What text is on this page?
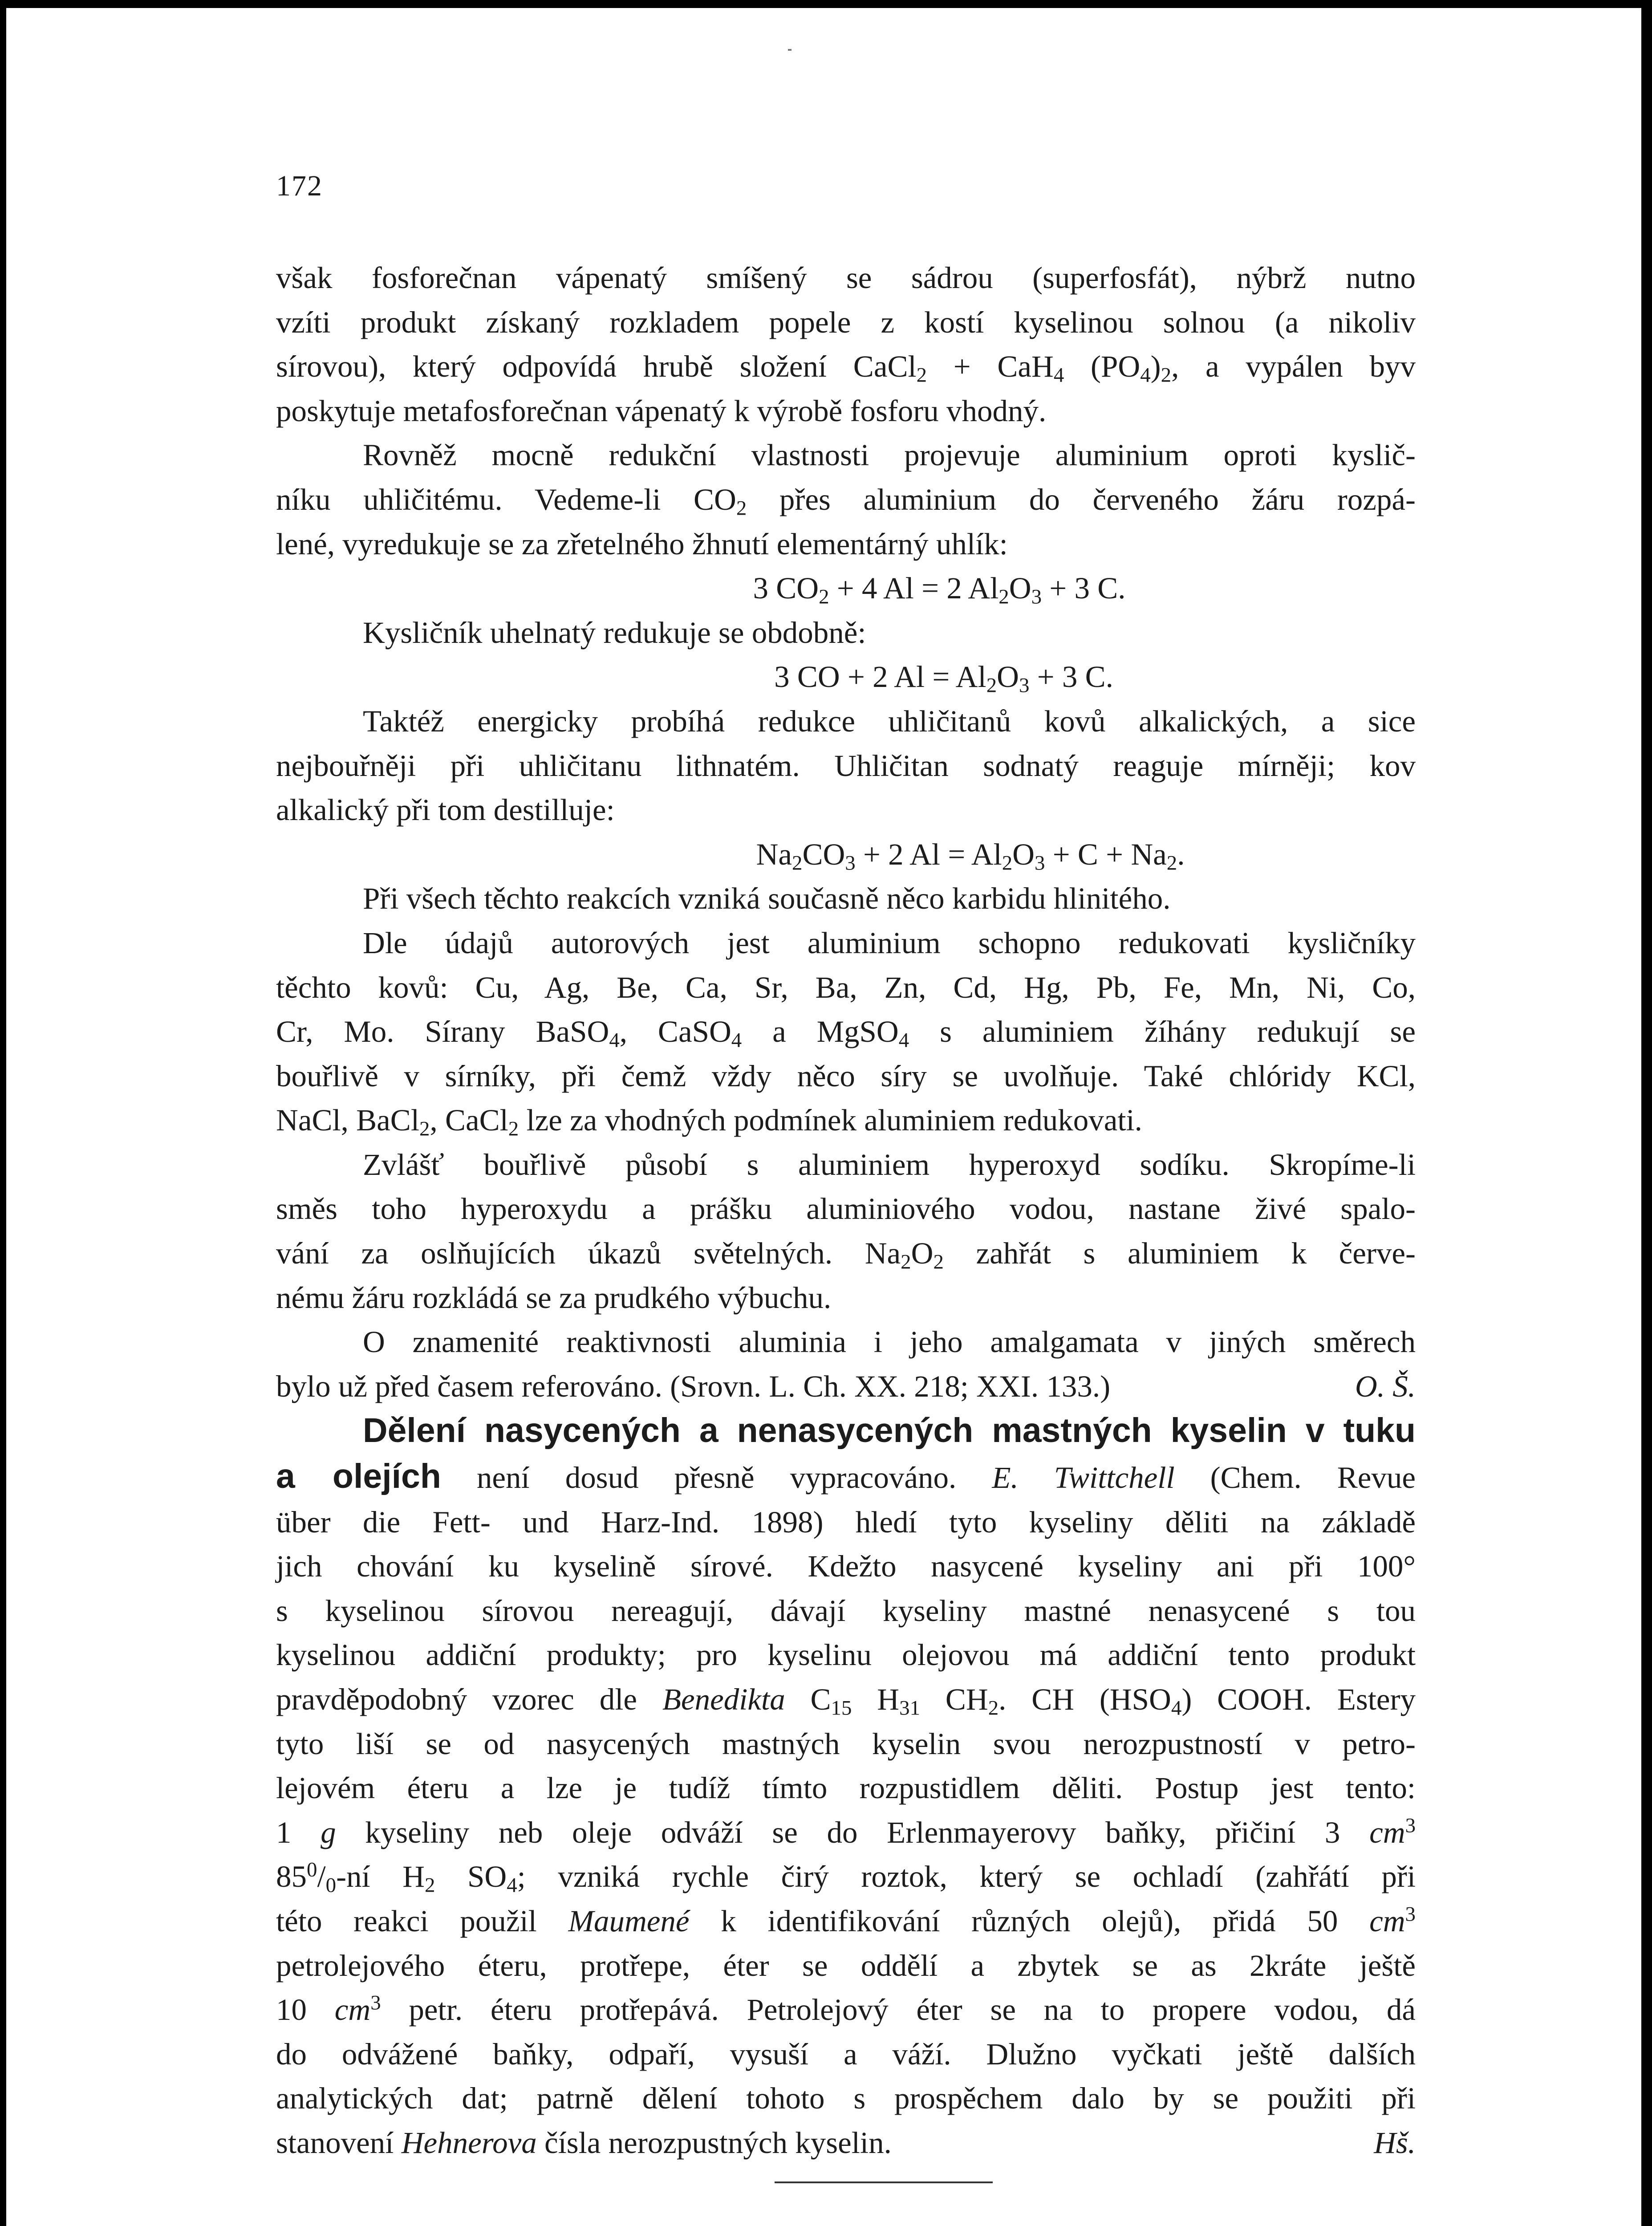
172

však fosforečnan vápenatý smíšený se sádrou (superfosfát), nýbrž nutno

vzíti produkt získaný rozkladem popele z kostí kyselinou solnou (a nikoliv

sírovou), který odpovídá hrubě složení CaCl$_2$ + CaH$_4$ $(PO_4)_2$, a vypálen byv

poskytuje metafosforečnan vápenatý k výrobě fosforu vhodný.

Rovněž mocně redukční vlastnosti projevuje aluminium oproti kyslič-

níku uhličitému. Vedeme-li $CO_2$ přes aluminium do červeného žáru rozpá-

lené, vyredukuje se za zřetelného žhnutí elementárný uhlík:

3 $CO_2 + 4$ Al = 2 $Al_2O_3 + 3$ C.

Kysličník uhelnatý redukuje se obdobně:

3 CO + 2 $Al = Al_2O_3 + 3$ C.

Taktéž energicky probíhá redukce uhličitanů kovů alkalických, a sice

nejbouřněji při uhličitanu lithnatém. Uhličitan sodnatý reaguje mírněji; kov

alkalický při tom destilluje:

$Na_2CO_3 + 2$ $Al = Al_2O_3 + C + Na_2$.

Při všech těchto reakcích vzniká současně něco karbidu hlinitého.

Dle údajů autorových jest aluminium schopno redukovati kysličníky

těchto kovů: Cu, Ag, Be, Ca, Sr, Ba, Zn, Cd, Hg, Pb, Fe, Mn, Ni, Co,

Cr, Mo. Sírany BaSO$_4$, CaSO$_4$ a MgSO$_4$ s aluminiem žíhány redukují se

bouřlivě v sírníky, při čemž vždy něco síry se uvolňuje. Také chlóridy KCl,

NaCl, BaCl$_2$, CaCl$_2$ lze za vhodných podmínek aluminiem redukovati.

Zvlášť bouřlivě působí s aluminiem hyperoxyd sodíku. Skropíme-li

směs toho hyperoxydu a prášku aluminiového vodou, nastane živé spalo-

vání za oslňujících úkazů světelných. $Na_2O_2$ zahřát s aluminiem k červe-

nému žáru rozkládá se za prudkého výbuchu.

O znamenité reaktivnosti aluminia i jeho amalgamata v jiných směrech

bylo už před časem referováno. (Srovn. L. Ch. XX. 218; XXI. 133.)	O. Š.

Dělení nasycených a nenasycených mastných kyselin v tuku

a olejích není dosud přesně vypracováno. E. Twittchell (Chem. Revue

über die Fett- und Harz-Ind. 1898) hledí tyto kyseliny děliti na základě

jich chování ku kyselině sírové. Kdežto nasycené kyseliny ani při 100°

s kyselinou sírovou nereagují, dávají kyseliny mastné nenasycené s tou

kyselinou addiční produkty; pro kyselinu olejovou má addiční tento produkt

pravděpodobný vzorec dle Benedikta $C_{15}$ $H_{31}$ $CH_2$. CH $(HSO_4)$ COOH. Estery

tyto liší se od nasycených mastných kyselin svou nerozpustností v petro-

lejovém éteru a lze je tudíž tímto rozpustidlem děliti. Postup jest tento:

1 g kyseliny neb oleje odváží se do Erlenmayerovy baňky, přičiní 3 $cm^3$

$85^0/_0-ní$ $H_2$ $SO_4$; vzniká rychle čirý roztok, který se ochladí (zahřátí při

této reakci použil Maumené k identifikování různých olejů), přidá 50 $cm^3$

petrolejového éteru, protřepe, éter se oddělí a zbytek se as 2kráte ještě

10 $cm^3$ petr. éteru protřepává. Petrolejový éter se na to propere vodou, dá

do odvážené baňky, odpaří, vysuší a váží. Dlužno vyčkati ještě dalších

analytických dat; patrně dělení tohoto s prospěchem dalo by se použiti při

stanovení Hehnerova čísla nerozpustných kyselin.	Hš.
